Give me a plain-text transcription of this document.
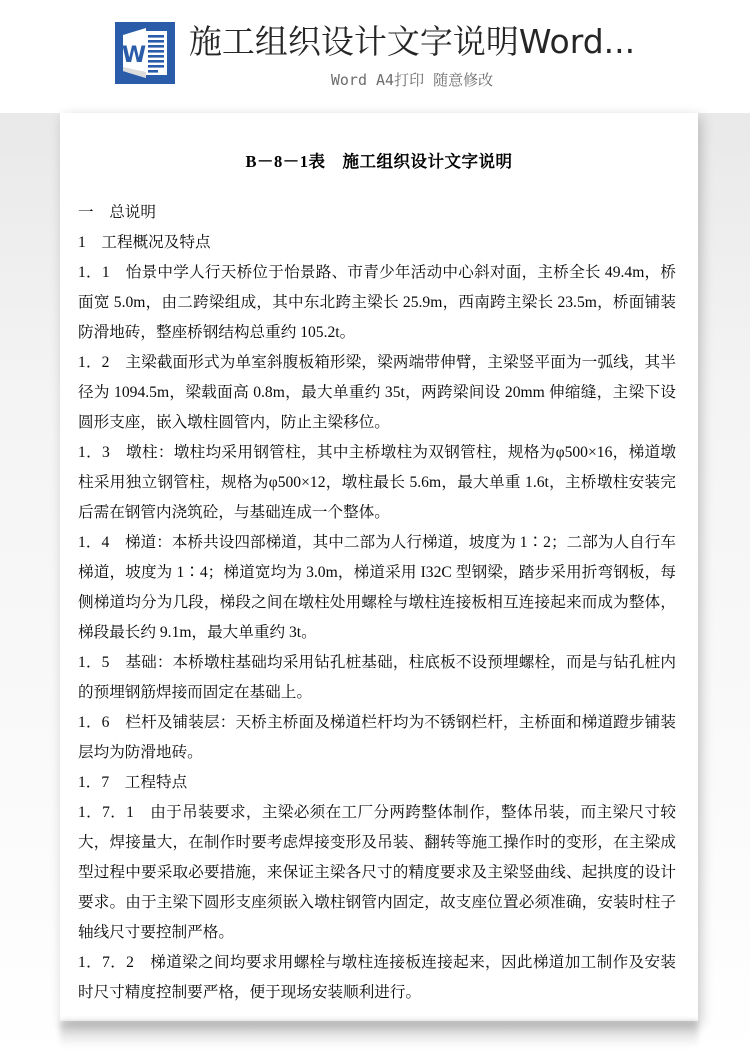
W 施工组织设计文字说明Word...
Word A4打印 随意修改
B－8－1表　施工组织设计文字说明

一　总说明

1　工程概况及特点

1．1　怡景中学人行天桥位于怡景路、市青少年活动中心斜对面，主桥全长 49.4m，桥面宽 5.0m，由二跨梁组成，其中东北跨主梁长 25.9m，西南跨主梁长 23.5m，桥面铺装防滑地砖，整座桥钢结构总重约 105.2t。

1．2　主梁截面形式为单室斜腹板箱形梁，梁两端带伸臂，主梁竖平面为一弧线，其半径为 1094.5m，梁载面高 0.8m，最大单重约 35t，两跨梁间设 20mm 伸缩缝，主梁下设圆形支座，嵌入墩柱圆管内，防止主梁移位。

1．3　墩柱：墩柱均采用钢管柱，其中主桥墩柱为双钢管柱，规格为φ500×16，梯道墩柱采用独立钢管柱，规格为φ500×12，墩柱最长 5.6m，最大单重 1.6t，主桥墩柱安装完后需在钢管内浇筑砼，与基础连成一个整体。

1．4　梯道：本桥共设四部梯道，其中二部为人行梯道，坡度为 1∶2；二部为人自行车梯道，坡度为 1∶4；梯道宽均为 3.0m，梯道采用 I32C 型钢梁，踏步采用折弯钢板，每侧梯道均分为几段，梯段之间在墩柱处用螺栓与墩柱连接板相互连接起来而成为整体，梯段最长约 9.1m，最大单重约 3t。

1．5　基础：本桥墩柱基础均采用钻孔桩基础，柱底板不设预埋螺栓，而是与钻孔桩内的预埋钢筋焊接而固定在基础上。

1．6　栏杆及铺装层：天桥主桥面及梯道栏杆均为不锈钢栏杆，主桥面和梯道蹬步铺装层均为防滑地砖。

1．7　工程特点

1．7．1　由于吊装要求，主梁必须在工厂分两跨整体制作，整体吊装，而主梁尺寸较大，焊接量大，在制作时要考虑焊接变形及吊装、翻转等施工操作时的变形，在主梁成型过程中要采取必要措施，来保证主梁各尺寸的精度要求及主梁竖曲线、起拱度的设计要求。由于主梁下圆形支座须嵌入墩柱钢管内固定，故支座位置必须准确，安装时柱子轴线尺寸要控制严格。

1．7．2　梯道梁之间均要求用螺栓与墩柱连接板连接起来，因此梯道加工制作及安装时尺寸精度控制要严格，便于现场安装顺利进行。
